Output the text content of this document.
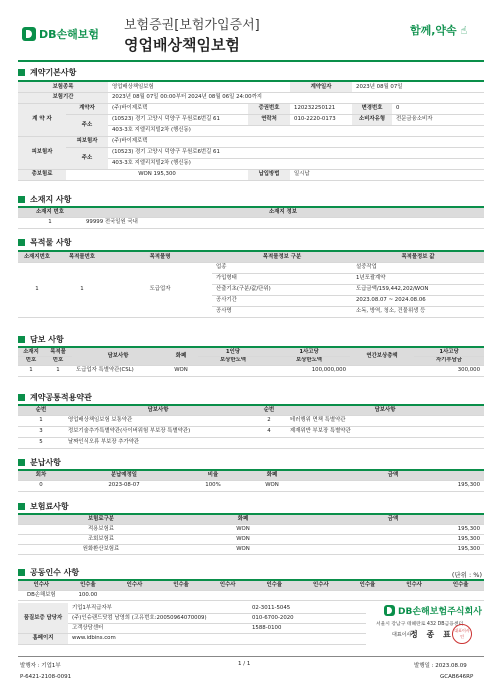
DB손해보험
보험증권[보험가입증서]
영업배상책임보험
함께,약속 ☝
계약기본사항
보험종목		영업배상책임보험		계약일자	2023년 08월 07일	
보험기간		2023년 08월 07일 00:00부터 2024년 08월 06일 24:00까지				
계 약 자	계약자	(주)바이제로텍	증권번호	120232250121	변경번호	0
	주소	(10523) 경기 고양시 덕양구 무원로6번길 61	연락처	010-2220-0173	소비자유형	전문금융소비자
		403-3호 지엘리치빌2차 (행신동)				
피보험자	피보험자	(주)바이제로텍				
	주소	(10523) 경기 고양시 덕양구 무원로6번길 61				
		403-3호 지엘리치빌2차 (행신동)				
총보험료	WON 195,300		납입방법	일시납		
소재지 사항
소재지 번호	소재지 정보
1	99999 전국일원 국내
목적물 사항
소재지번호	목적물번호	목적물명	목적물정보 구분	목적물정보 값
1	1	도급업자	업종	설중작업
			가입형태	1년포괄계약
			산출기초(구분/값/단위)	도급금액/159,442,202/WON
			공사기간	2023.08.07 ~ 2024.08.06
			공사명	소독, 방역, 청소, 건물위생 등
담보 사항
소재지	목적물	담보사항	화폐	1인당	1사고당	연간보상총액	1사고당
번호	번호			보상한도액	보상한도액		자기부담금
1	1	도급업자 특별약관(CSL)	WON		100,000,000		300,000
계약공통적용약관
순번	담보사항	순번	담보사항
1	영업배상책임보험 보통약관	2	테러행위 면책 특별약관
3	정보기술추가특별약관(사이버위험 부보장 특별약관)	4	제재위반 부보장 특별약관
5	날짜인식오류 부보장 추가약관		
분납사항
회차	분납예정일	비율	화폐	금액
0	2023-08-07	100%	WON	195,300
보험료사항
보험료구분	화폐	금액
적용보험료	WON	195,300
조회보험료	WON	195,300
원화환산보험료	WON	195,300
공동인수 사항	(단위 : %)
인수사	인수율	인수사	인수율	인수사	인수율	인수사	인수율	인수사	인수율
DB손해보험	100.00								
품질보증 담당자	기업1부직급자부	02-3011-5045
	(주)인슈랜드닷컴 남영희 (고유번호:2005096407000​9)	010-6700-2020
	고객상담센터	1588-0100
홈페이지	www.idbins.com	
DB손해보험주식회사
서울시 강남구 테헤란로 432 DB금융센터
대표이사
정 종 표 대표이사 인
발행자 : 기업1부	1 / 1	발행일 : 2023.08.09
P-6421-2108-0091	GCAB646RP
